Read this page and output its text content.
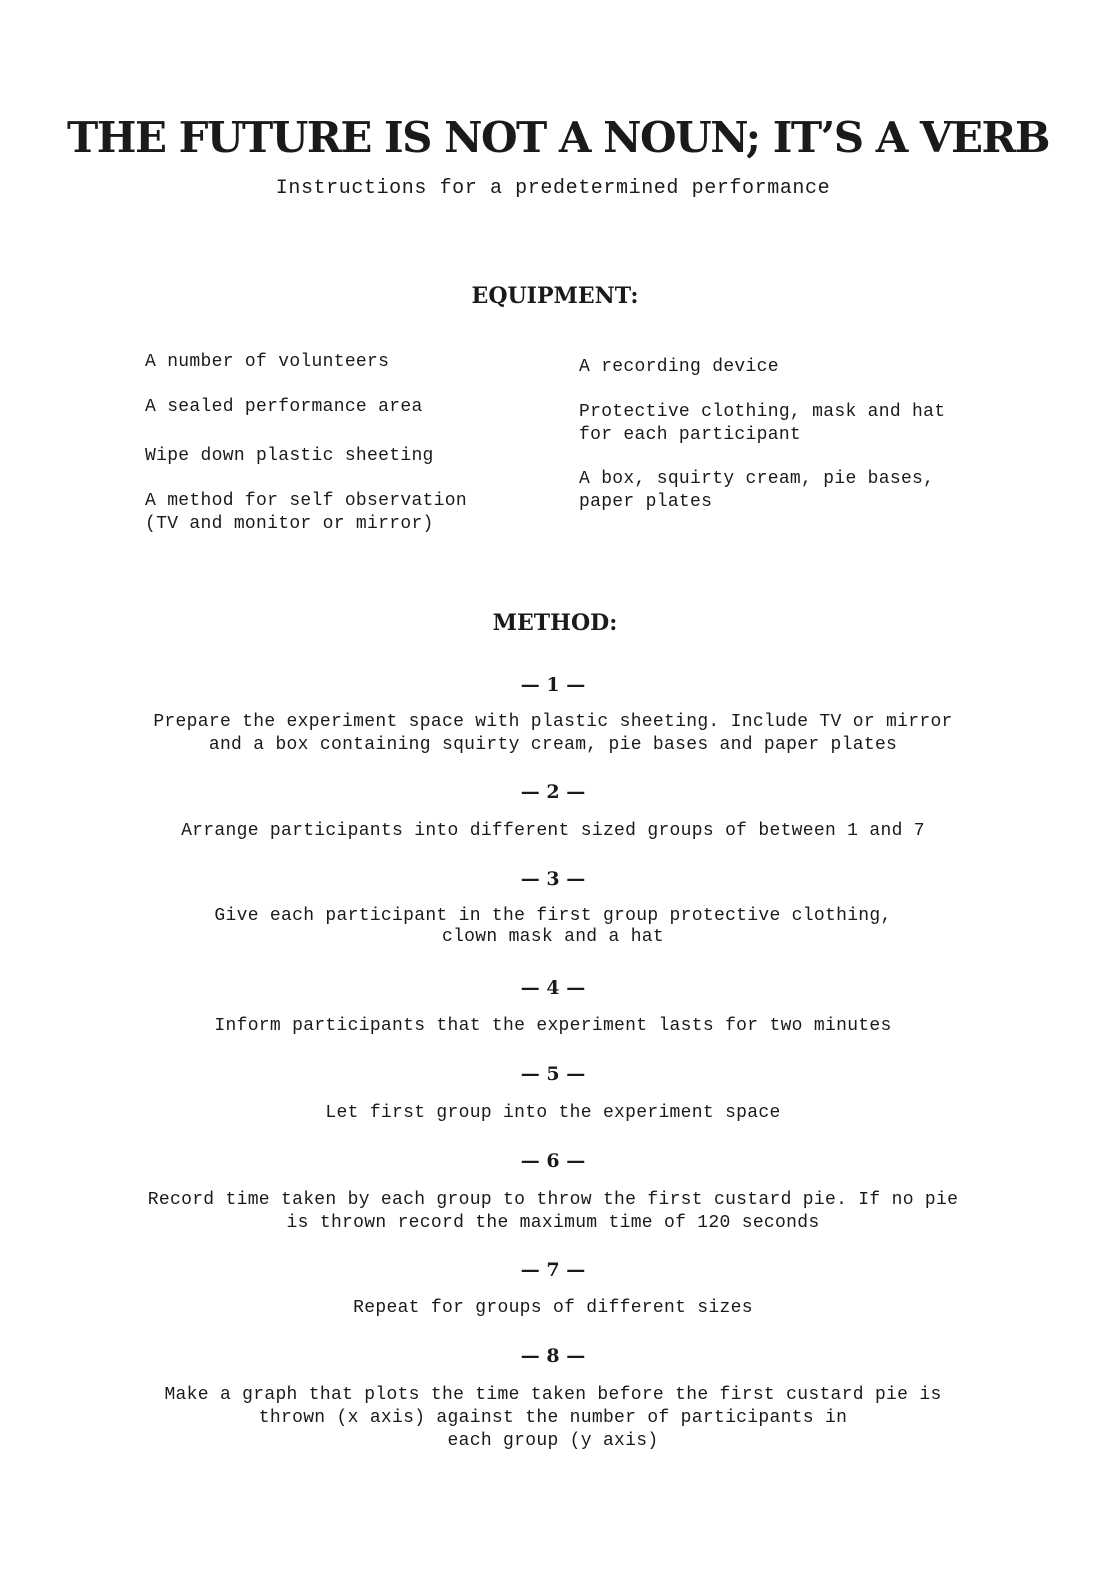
THE FUTURE IS NOT A NOUN; IT’S A VERB
Instructions for a predetermined performance
EQUIPMENT:
A number of volunteers
A sealed performance area
Wipe down plastic sheeting
A method for self observation
(TV and monitor or mirror)
A recording device
Protective clothing, mask and hat
for each participant
A box, squirty cream, pie bases,
paper plates
METHOD:
— 1 —
Prepare the experiment space with plastic sheeting. Include TV or mirror
and a box containing squirty cream, pie bases and paper plates
— 2 —
Arrange participants into different sized groups of between 1 and 7
— 3 —
Give each participant in the first group protective clothing,
clown mask and a hat
— 4 —
Inform participants that the experiment lasts for two minutes
— 5 —
Let first group into the experiment space
— 6 —
Record time taken by each group to throw the first custard pie. If no pie
is thrown record the maximum time of 120 seconds
— 7 —
Repeat for groups of different sizes
— 8 —
Make a graph that plots the time taken before the first custard pie is
thrown (x axis) against the number of participants in
each group (y axis)
